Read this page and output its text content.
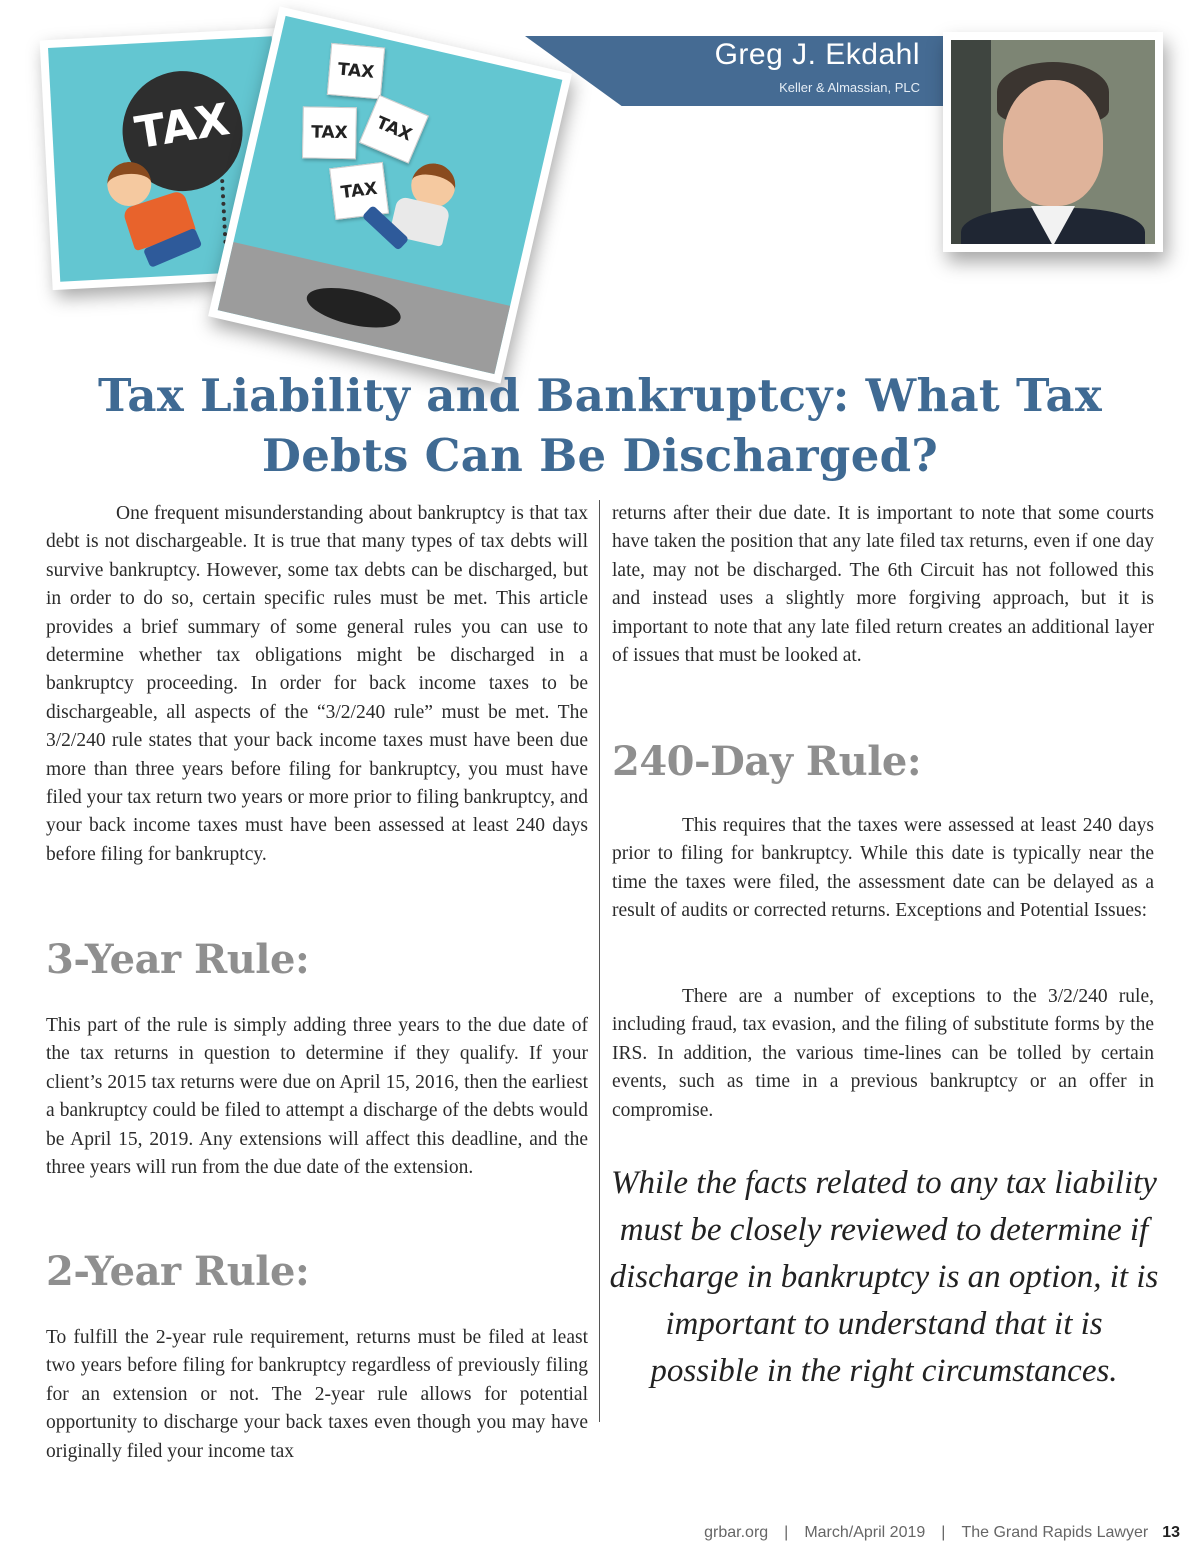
TAX
TAX
TAX	TAX
TAX
Greg J. Ekdahl
Keller & Almassian, PLC
Tax Liability and Bankruptcy: What Tax
Debts Can Be Discharged?

One frequent misunderstanding about bankruptcy is that tax debt is not dischargeable. It is true that many types of tax debts will survive bankruptcy. However, some tax debts can be discharged, but in order to do so, certain specific rules must be met. This article provides a brief summary of some general rules you can use to determine whether tax obligations might be discharged in a bankruptcy proceeding. In order for back income taxes to be dischargeable, all aspects of the “3/2/240 rule” must be met. The 3/2/240 rule states that your back income taxes must have been due more than three years before filing for bankruptcy, you must have filed your tax return two years or more prior to filing bankruptcy, and your back income taxes must have been assessed at least 240 days before filing for bankruptcy.

3-Year Rule:

This part of the rule is simply adding three years to the due date of the tax returns in question to determine if they qualify. If your client’s 2015 tax returns were due on April 15, 2016, then the earliest a bankruptcy could be filed to attempt a discharge of the debts would be April 15, 2019. Any extensions will affect this deadline, and the three years will run from the due date of the extension.

2-Year Rule:

To fulfill the 2-year rule requirement, returns must be filed at least two years before filing for bankruptcy regardless of previously filing for an extension or not. The 2-year rule allows for potential opportunity to discharge your back taxes even though you may have originally filed your income tax

returns after their due date. It is important to note that some courts have taken the position that any late filed tax returns, even if one day late, may not be discharged. The 6th Circuit has not followed this and instead uses a slightly more forgiving approach, but it is important to note that any late filed return creates an additional layer of issues that must be looked at.

240-Day Rule:

This requires that the taxes were assessed at least 240 days prior to filing for bankruptcy. While this date is typically near the time the taxes were filed, the assessment date can be delayed as a result of audits or corrected returns. Exceptions and Potential Issues:

There are a number of exceptions to the 3/2/240 rule, including fraud, tax evasion, and the filing of substitute forms by the IRS. In addition, the various time-lines can be tolled by certain events, such as time in a previous bankruptcy or an offer in compromise.

While the facts related to any tax liability must be closely reviewed to determine if discharge in bankruptcy is an option, it is important to understand that it is possible in the right circumstances.
grbar.org | March/April 2019 | The Grand Rapids Lawyer 13
